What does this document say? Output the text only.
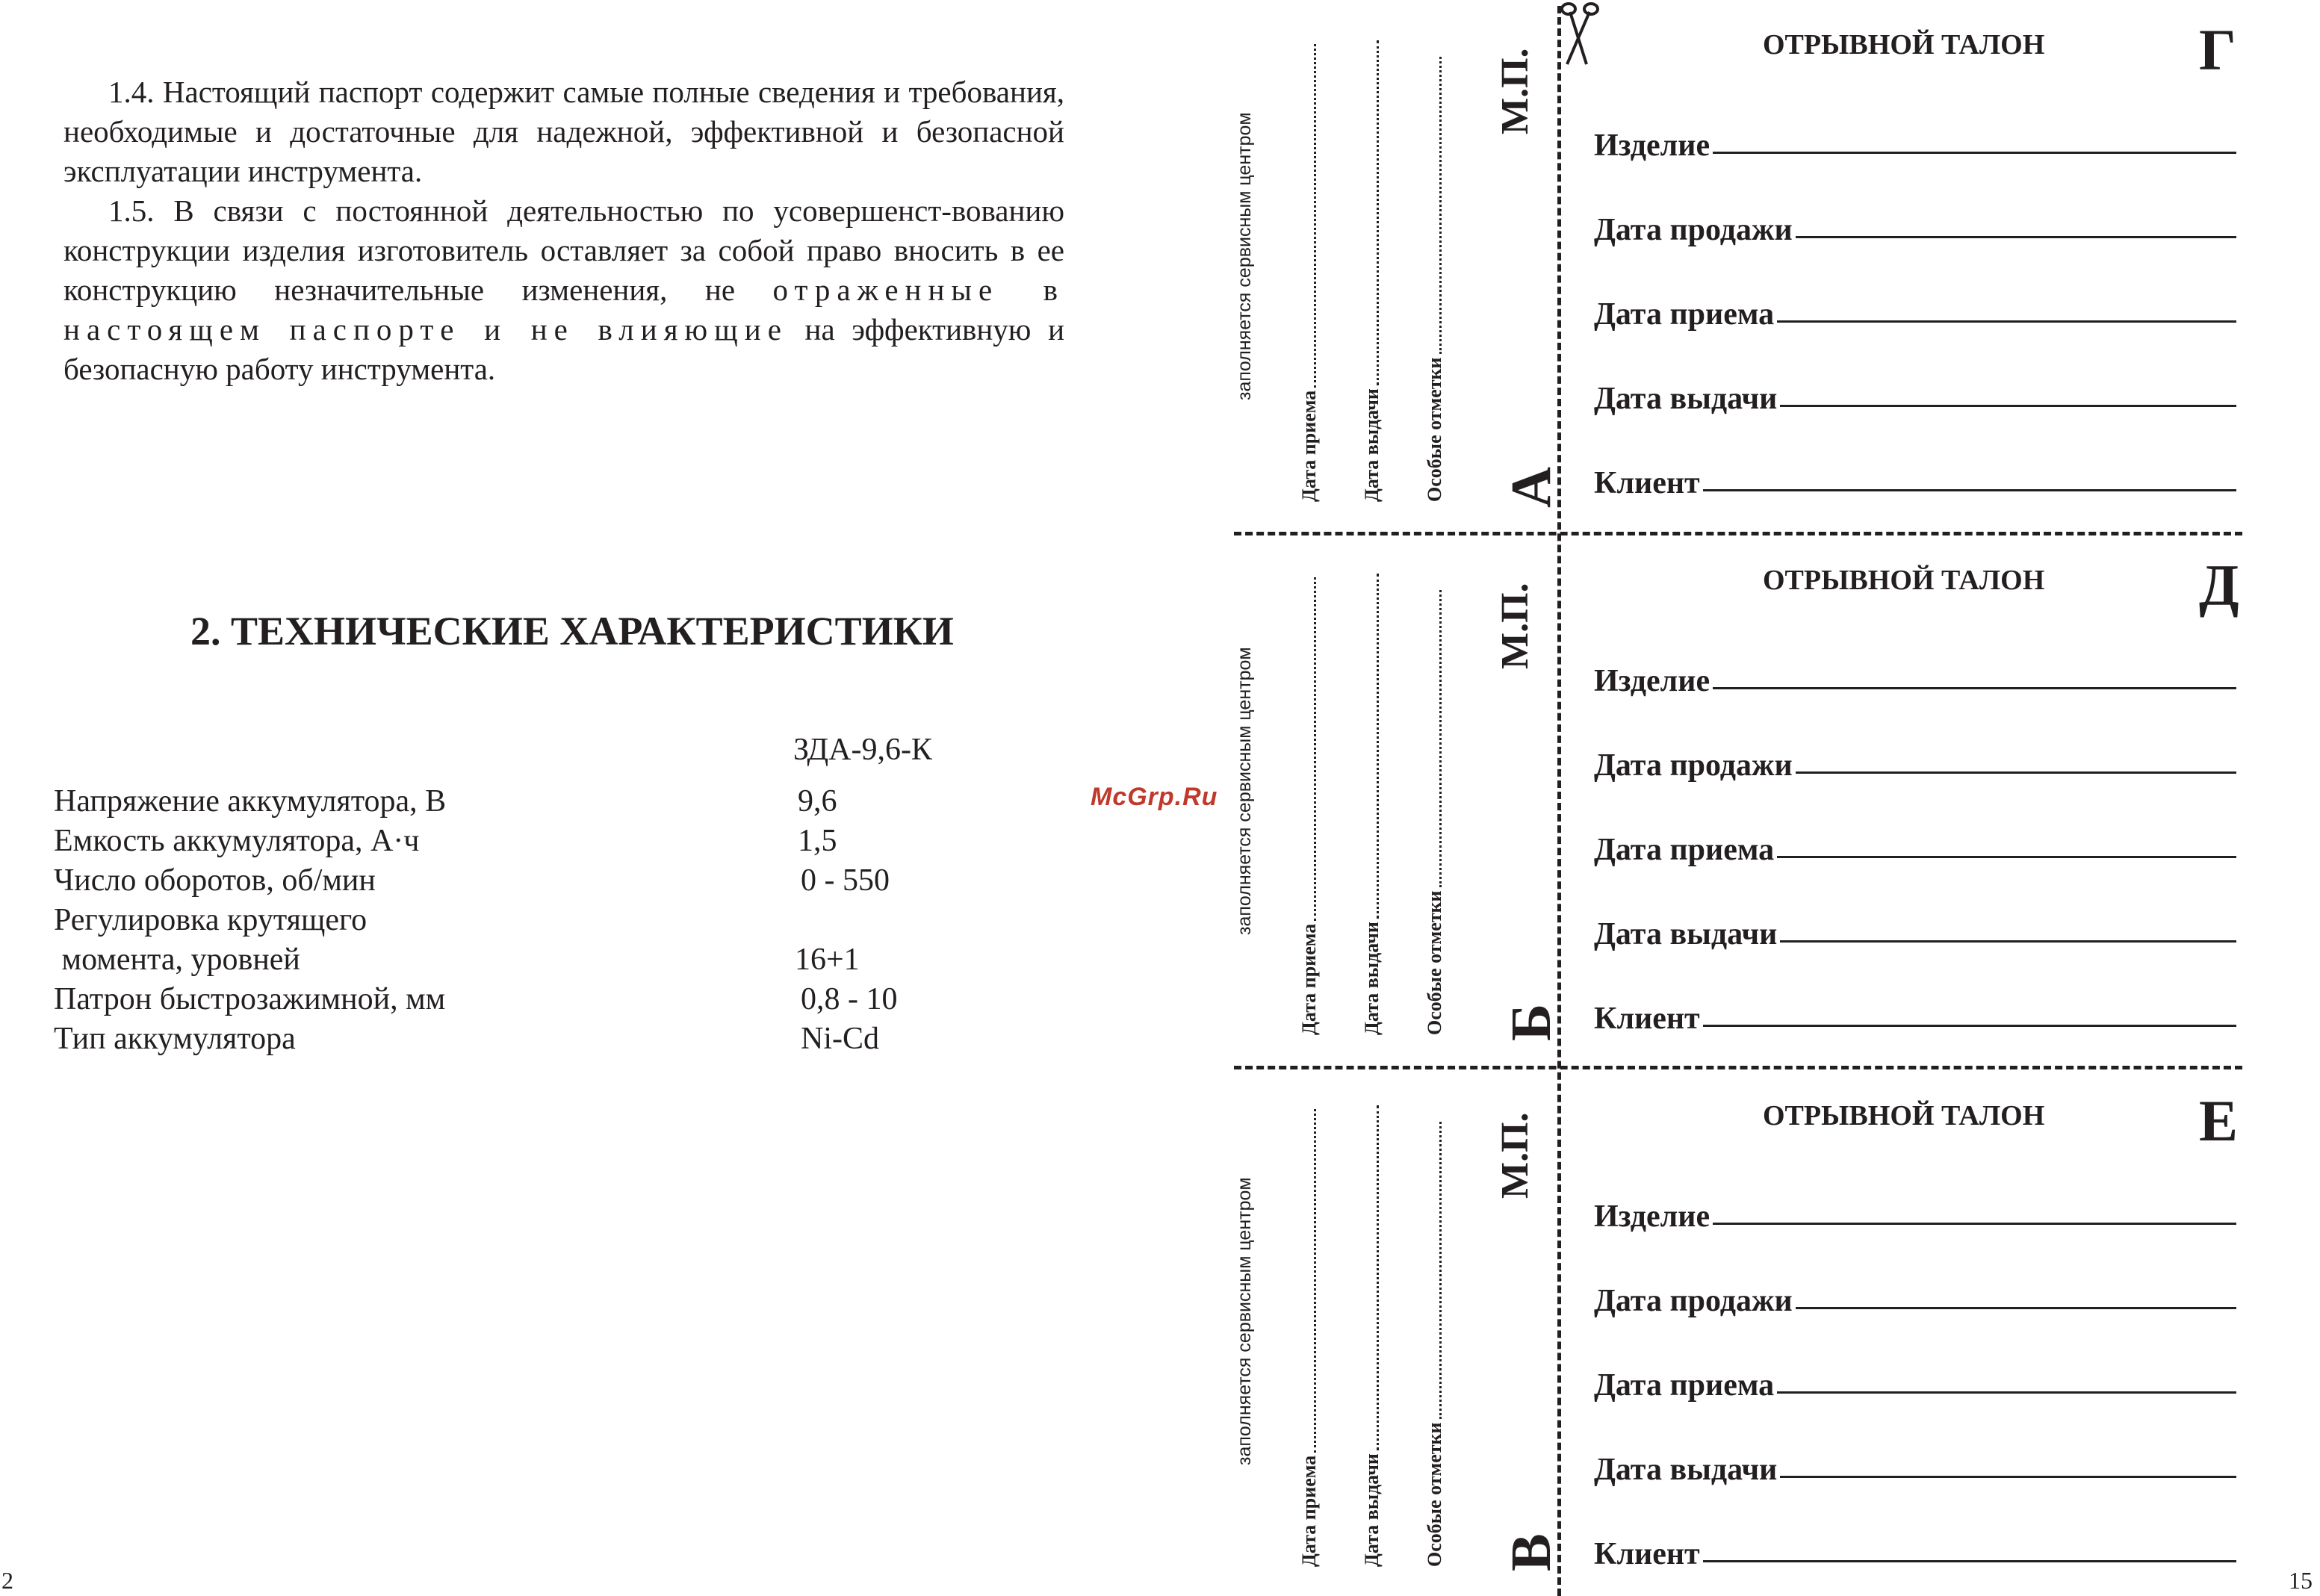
1.4. Настоящий паспорт содержит самые полные сведения и требования, необходимые и достаточные для надежной, эффективной и безопасной эксплуатации инструмента.

1.5. В связи с постоянной деятельностью по усовершенст-вованию конструкции изделия изготовитель оставляет за собой право вносить в ее конструкцию незначительные изменения, не отраженные в настоящем паспорте и не влияющие на эффективную и безопасную работу инструмента.

2. ТЕХНИЧЕСКИЕ ХАРАКТЕРИСТИКИ
ЗДА-9,6-К
Напряжение аккумулятора, В	9,6
Емкость аккумулятора, А·ч	1,5
Число оборотов, об/мин	0 - 550
Регулировка крутящего
момента, уровней	16+1
Патрон быстрозажимной, мм	0,8 - 10
Тип аккумулятора	Ni-Cd
2
McGrp.Ru
заполняется сервисным центром
Дата приема Дата выдачи Особые отметки
М.П.
А
ОТРЫВНОЙ ТАЛОН	Г
Изделие
Дата продажи
Дата приема
Дата выдачи
Клиент
заполняется сервисным центром
Дата приема Дата выдачи Особые отметки
М.П.
Б
ОТРЫВНОЙ ТАЛОН	Д
Изделие
Дата продажи
Дата приема
Дата выдачи
Клиент
заполняется сервисным центром
Дата приема Дата выдачи Особые отметки
М.П.
В
ОТРЫВНОЙ ТАЛОН	Е
Изделие
Дата продажи
Дата приема
Дата выдачи
Клиент
15
